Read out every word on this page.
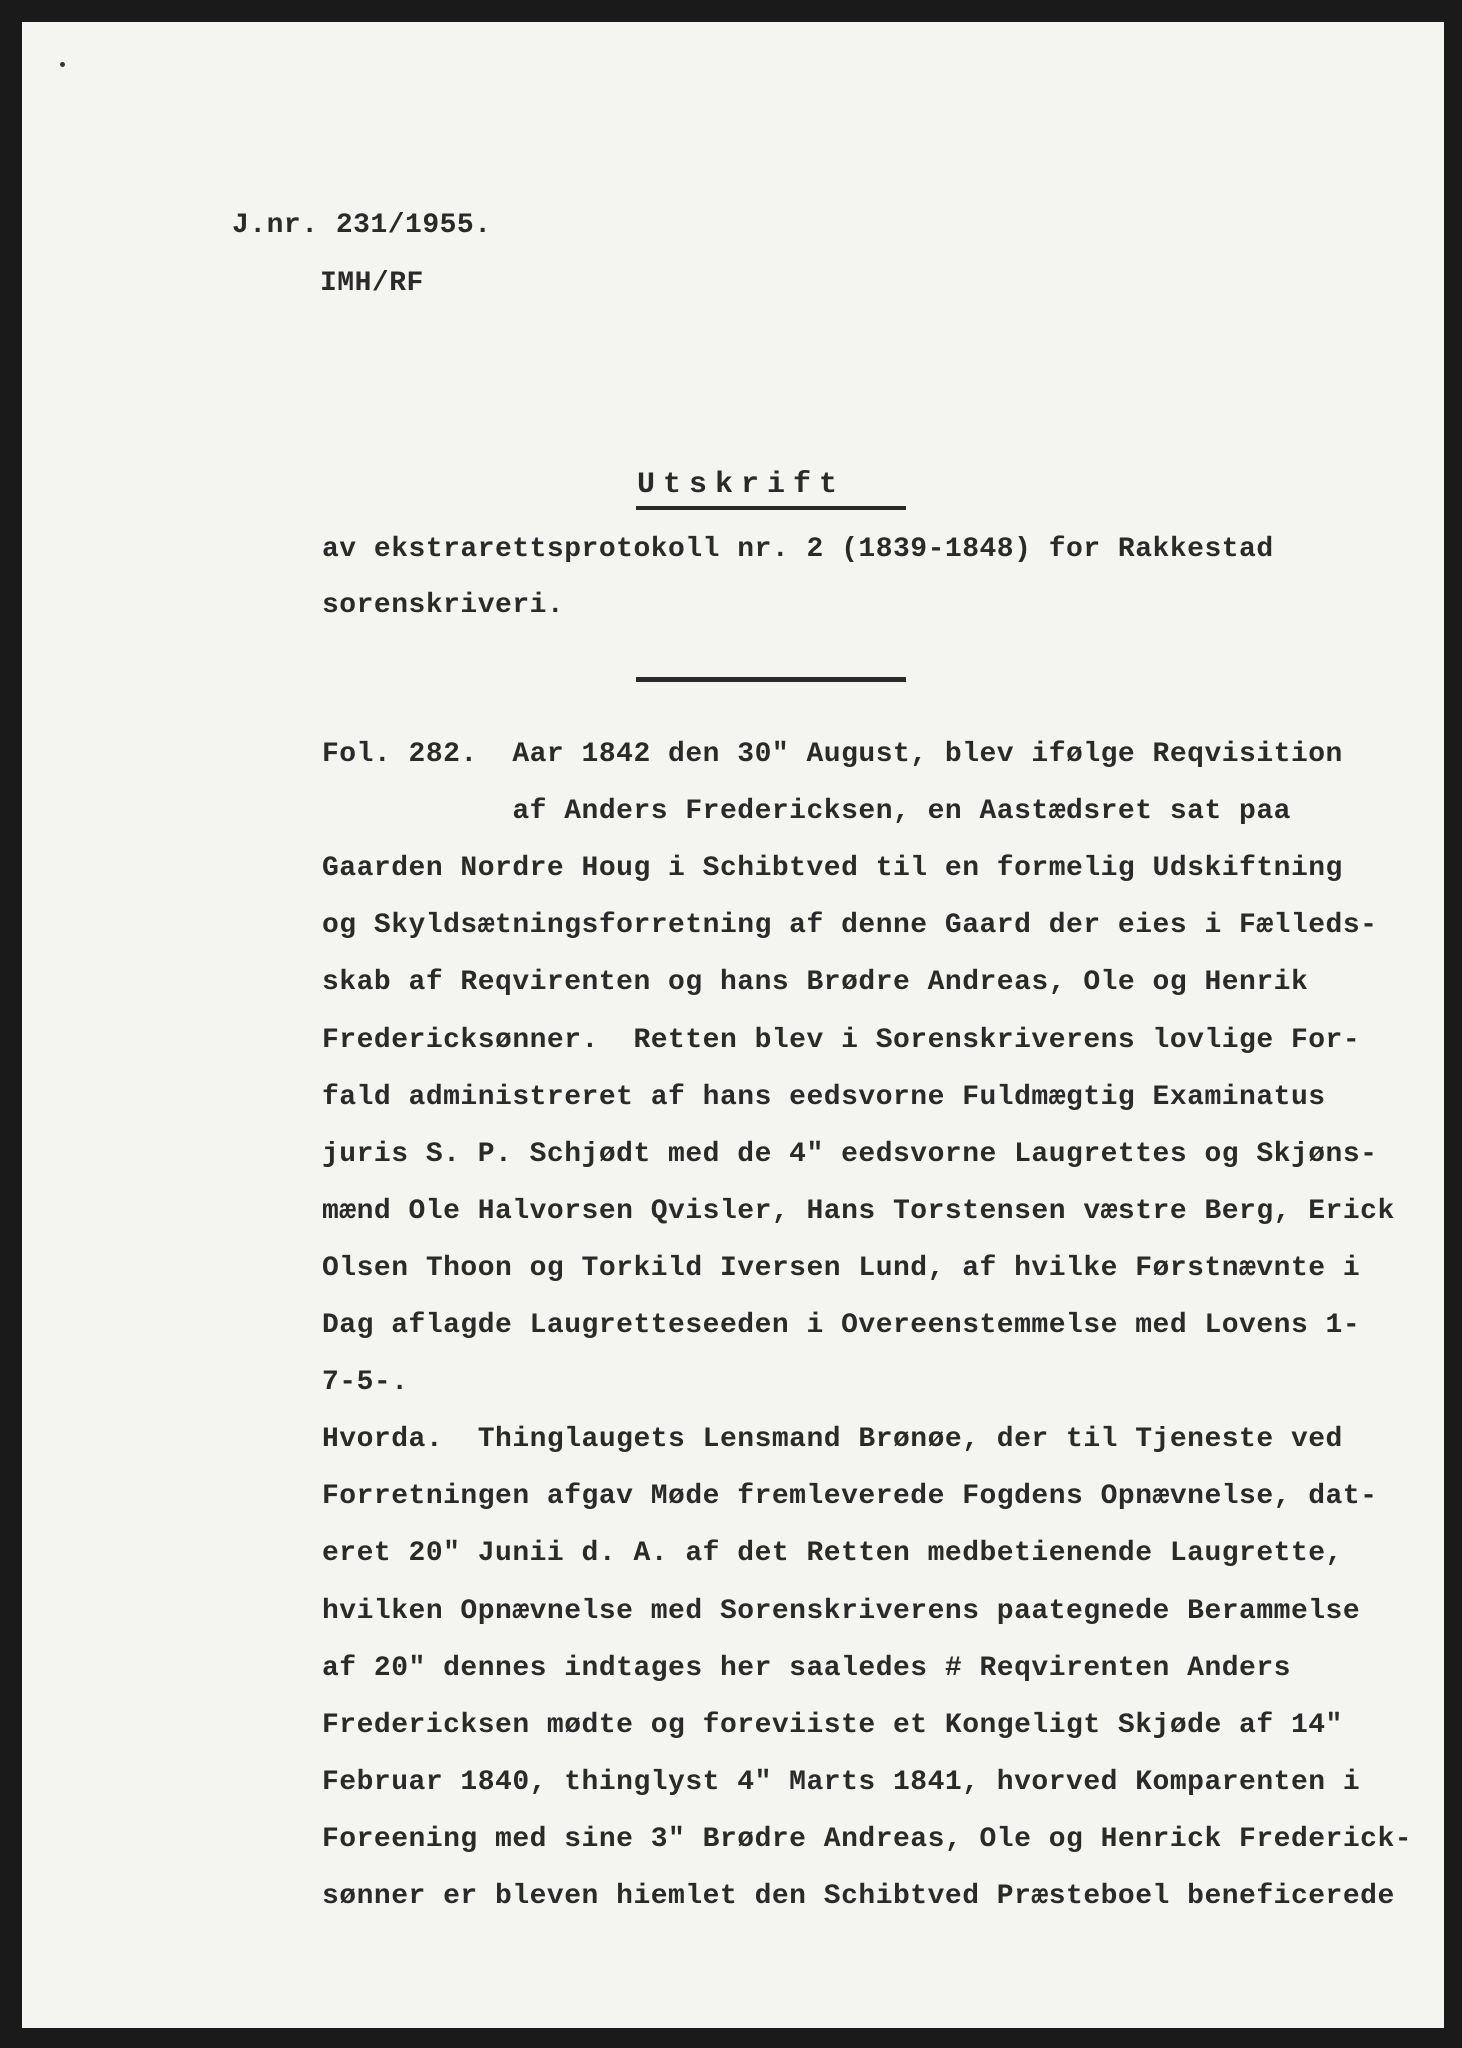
J.nr. 231/1955.
IMH/RF
Utskrift
av ekstrarettsprotokoll nr. 2 (1839-1848) for Rakkestad
sorenskriveri.
Fol. 282.  Aar 1842 den 30" August, blev ifølge Reqvisition
af Anders Fredericksen, en Aastædsret sat paa
Gaarden Nordre Houg i Schibtved til en formelig Udskiftning
og Skyldsætningsforretning af denne Gaard der eies i Fælleds-
skab af Reqvirenten og hans Brødre Andreas, Ole og Henrik
Fredericksønner.  Retten blev i Sorenskriverens lovlige For-
fald administreret af hans eedsvorne Fuldmægtig Examinatus
juris S. P. Schjødt med de 4" eedsvorne Laugrettes og Skjøns-
mænd Ole Halvorsen Qvisler, Hans Torstensen væstre Berg, Erick
Olsen Thoon og Torkild Iversen Lund, af hvilke Førstnævnte i
Dag aflagde Laugretteseeden i Overeenstemmelse med Lovens 1-
7-5-.
Hvorda.  Thinglaugets Lensmand Brønøe, der til Tjeneste ved
Forretningen afgav Møde fremleverede Fogdens Opnævnelse, dat-
eret 20" Junii d. A. af det Retten medbetienende Laugrette,
hvilken Opnævnelse med Sorenskriverens paategnede Berammelse
af 20" dennes indtages her saaledes # Reqvirenten Anders
Fredericksen mødte og foreviiste et Kongeligt Skjøde af 14"
Februar 1840, thinglyst 4" Marts 1841, hvorved Komparenten i
Foreening med sine 3" Brødre Andreas, Ole og Henrick Frederick-
sønner er bleven hiemlet den Schibtved Præsteboel beneficerede
